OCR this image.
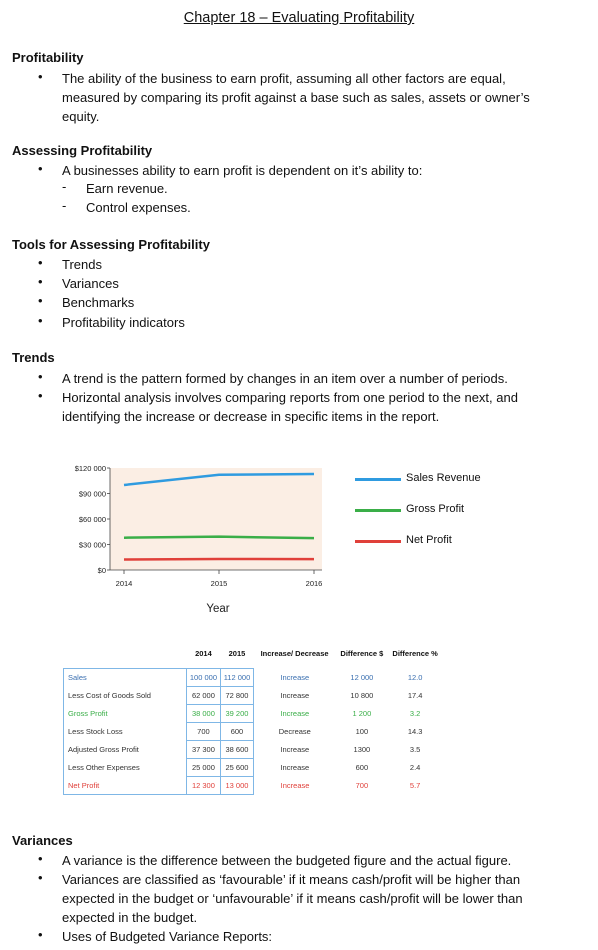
Chapter 18 – Evaluating Profitability
Profitability
• The ability of the business to earn profit, assuming all other factors are equal, measured by comparing its profit against a base such as sales, assets or owner’s equity.
Assessing Profitability
• A businesses ability to earn profit is dependent on it’s ability to:
- Earn revenue.
- Control expenses.
Tools for Assessing Profitability
• Trends
• Variances
• Benchmarks
• Profitability indicators
Trends
• A trend is the pattern formed by changes in an item over a number of periods.
• Horizontal analysis involves comparing reports from one period to the next, and identifying the increase or decrease in specific items in the report.
$120 000
$90 000
$60 000
$30 000
$0
2014	2015	2016
Year
Sales Revenue
Gross Profit
Net Profit
	2014	2015	Increase/ Decrease	Difference $	Difference %
Sales	100 000	112 000	Increase	12 000	12.0
Less Cost of Goods Sold	62 000	72 800	Increase	10 800	17.4
Gross Profit	38 000	39 200	Increase	1 200	3.2
Less Stock Loss	700	600	Decrease	100	14.3
Adjusted Gross Profit	37 300	38 600	Increase	1300	3.5
Less Other Expenses	25 000	25 600	Increase	600	2.4
Net Profit	12 300	13 000	Increase	700	5.7
Variances
• A variance is the difference between the budgeted figure and the actual figure.
• Variances are classified as ‘favourable’ if it means cash/profit will be higher than expected in the budget or ‘unfavourable’ if it means cash/profit will be lower than expected in the budget.
• Uses of Budgeted Variance Reports:
